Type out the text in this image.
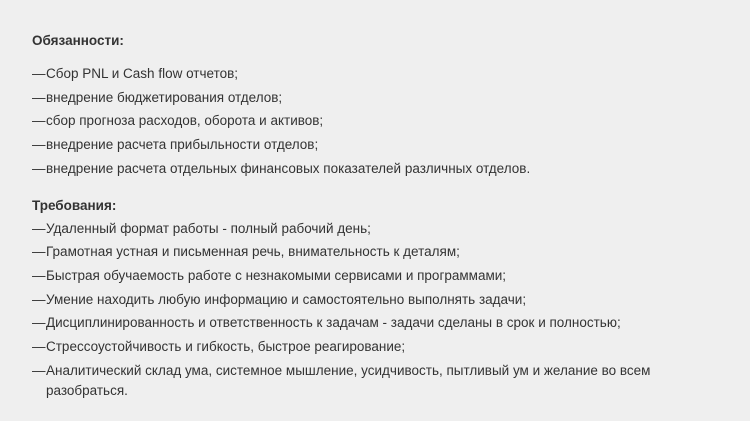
Обязанности:
— Сбор PNL и Cash flow отчетов;
— внедрение бюджетирования отделов;
— сбор прогноза расходов, оборота и активов;
— внедрение расчета прибыльности отделов;
— внедрение расчета отдельных финансовых показателей различных отделов.
Требования:
— Удаленный формат работы - полный рабочий день;
— Грамотная устная и письменная речь, внимательность к деталям;
— Быстрая обучаемость работе с незнакомыми сервисами и программами;
— Умение находить любую информацию и самостоятельно выполнять задачи;
— Дисциплинированность и ответственность к задачам - задачи сделаны в срок и полностью;
— Стрессоустойчивость и гибкость, быстрое реагирование;
— Аналитический склад ума, системное мышление, усидчивость, пытливый ум и желание во всем разобраться.
